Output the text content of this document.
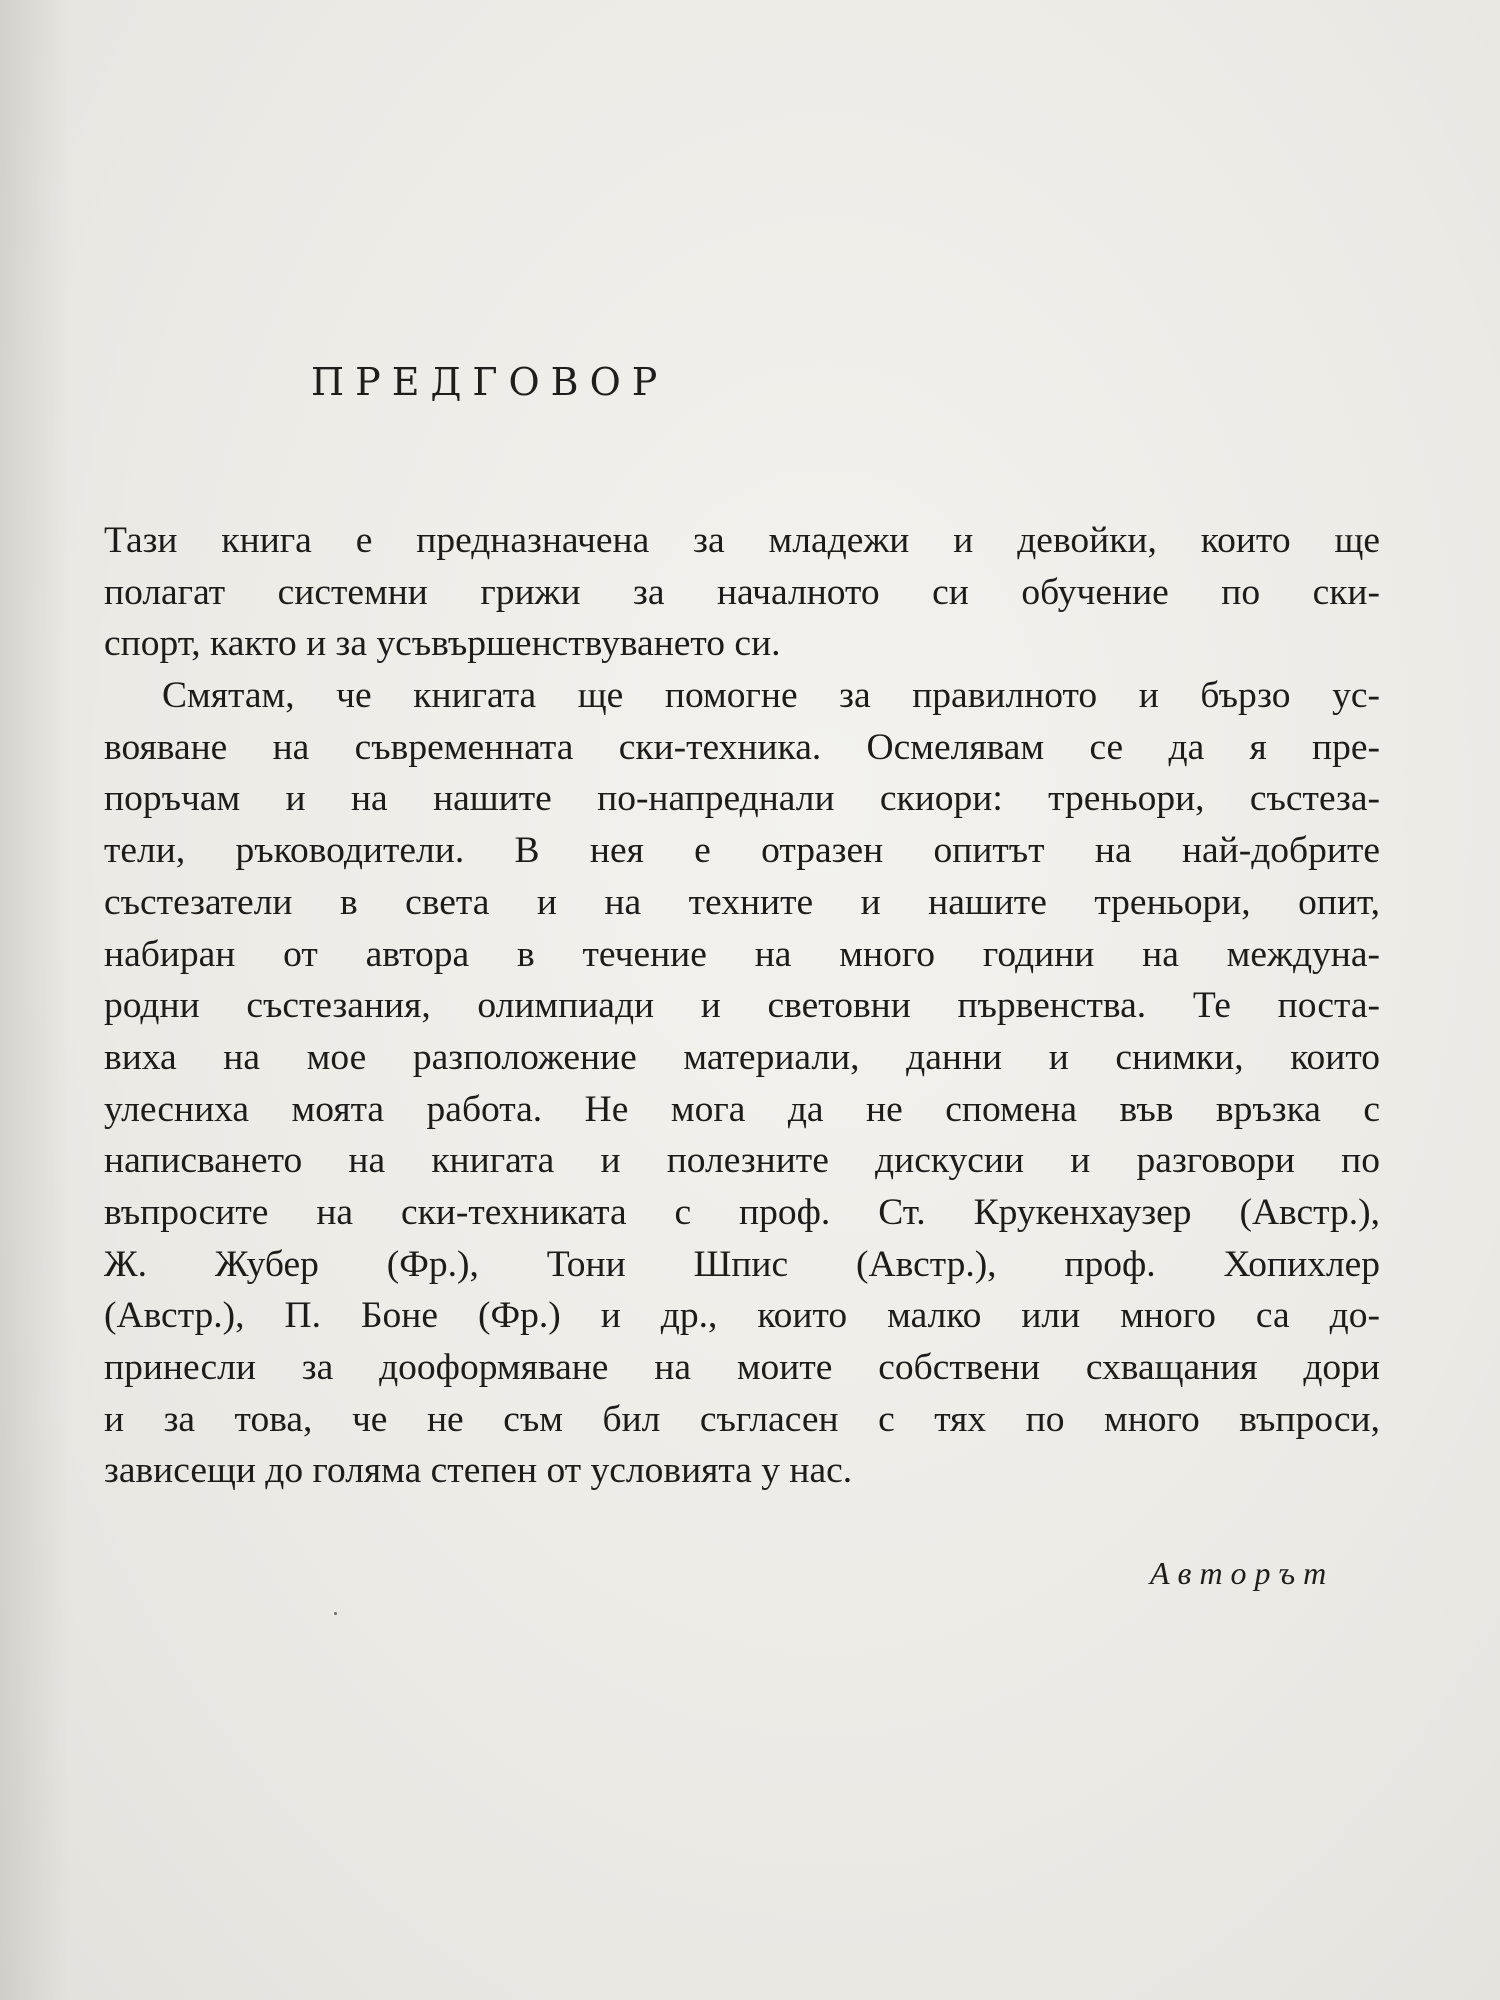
ПРЕДГОВОР
Тази книга е предназначена за младежи и девойки, които ще
полагат системни грижи за началното си обучение по ски-
спорт, както и за усъвършенствуването си.
Смятам, че книгата ще помогне за правилното и бързо ус-
вояване на съвременната ски-техника. Осмелявам се да я пре-
поръчам и на нашите по-напреднали скиори: треньори, състеза-
тели, ръководители. В нея е отразен опитът на най-добрите
състезатели в света и на техните и нашите треньори, опит,
набиран от автора в течение на много години на междуна-
родни състезания, олимпиади и световни първенства. Те поста-
виха на мое разположение материали, данни и снимки, които
улесниха моята работа. Не мога да не спомена във връзка с
написването на книгата и полезните дискусии и разговори по
въпросите на ски-техниката с проф. Ст. Крукенхаузер (Австр.),
Ж. Жубер (Фр.), Тони Шпис (Австр.), проф. Хопихлер
(Австр.), П. Боне (Фр.) и др., които малко или много са до-
принесли за дооформяване на моите собствени схващания дори
и за това, че не съм бил съгласен с тях по много въпроси,
зависещи до голяма степен от условията у нас.
Авторът
